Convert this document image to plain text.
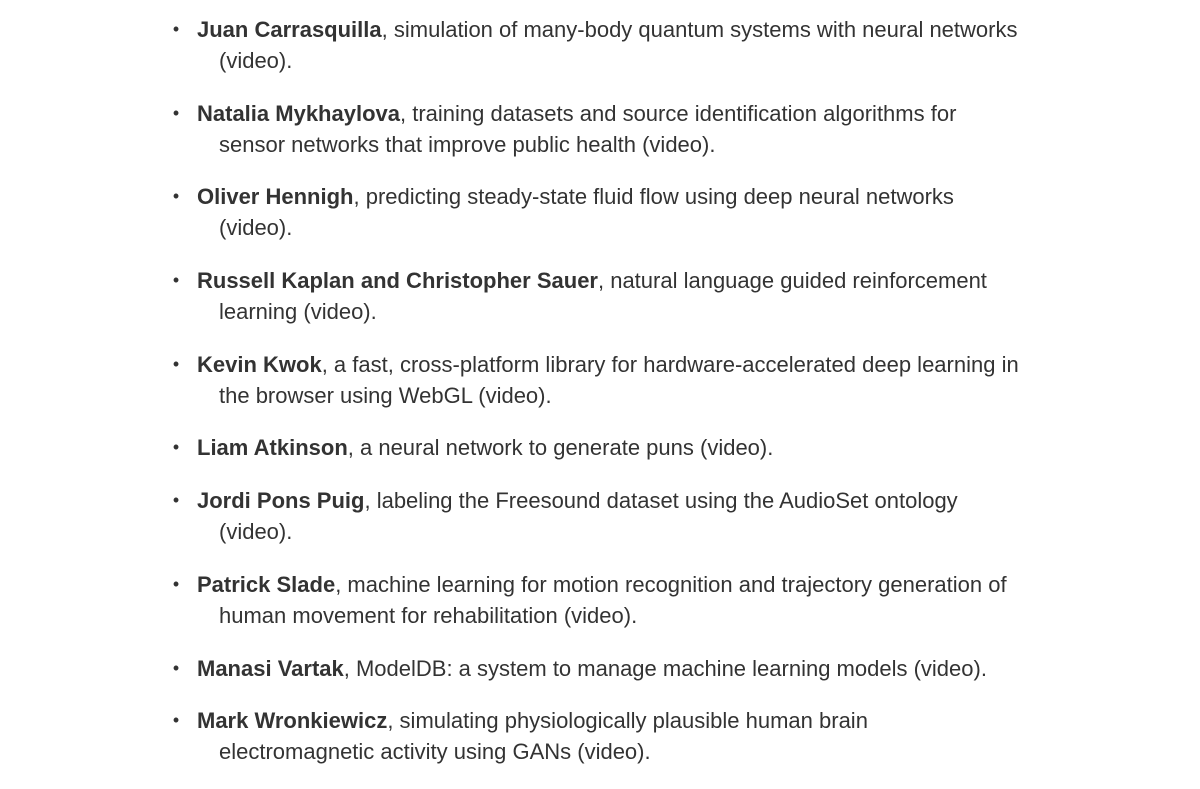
• Juan Carrasquilla, simulation of many-body quantum systems with neural networks (video).
• Natalia Mykhaylova, training datasets and source identification algorithms for sensor networks that improve public health (video).
• Oliver Hennigh, predicting steady-state fluid flow using deep neural networks (video).
• Russell Kaplan and Christopher Sauer, natural language guided reinforcement learning (video).
• Kevin Kwok, a fast, cross-platform library for hardware-accelerated deep learning in the browser using WebGL (video).
• Liam Atkinson, a neural network to generate puns (video).
• Jordi Pons Puig, labeling the Freesound dataset using the AudioSet ontology (video).
• Patrick Slade, machine learning for motion recognition and trajectory generation of human movement for rehabilitation (video).
• Manasi Vartak, ModelDB: a system to manage machine learning models (video).
• Mark Wronkiewicz, simulating physiologically plausible human brain electromagnetic activity using GANs (video).
